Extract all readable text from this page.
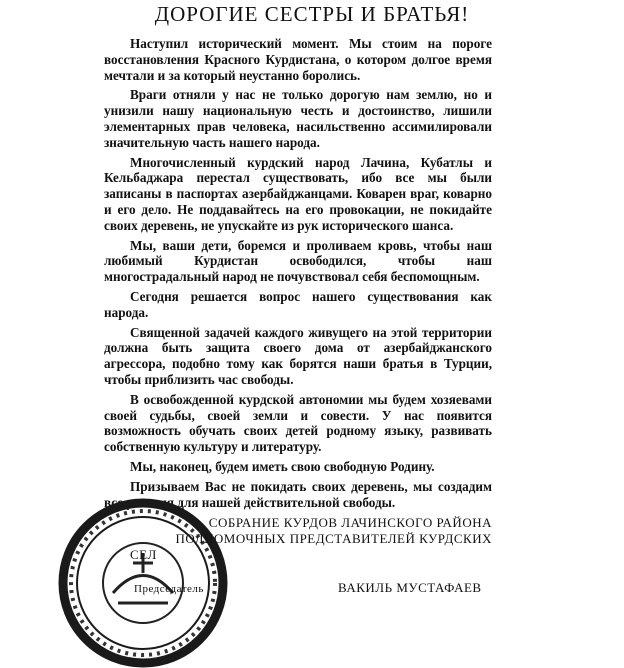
ДОРОГИЕ СЕСТРЫ И БРАТЬЯ!

Наступил исторический момент. Мы стоим на пороге восстановления Красного Курдистана, о котором долгое время мечтали и за который неустанно боролись.

Враги отняли у нас не только дорогую нам землю, но и унизили нашу национальную честь и достоинство, лишили элементарных прав человека, насильственно ассимилировали значительную часть нашего народа.

Многочисленный курдский народ Лачина, Кубатлы и Кельбаджара перестал существовать, ибо все мы были записаны в паспортах азербайджанцами. Коварен враг, коварно и его дело. Не поддавайтесь на его провокации, не покидайте своих деревень, не упускайте из рук исторического шанса.

Мы, ваши дети, боремся и проливаем кровь, чтобы наш любимый Курдистан освободился, чтобы наш многострадальный народ не почувствовал себя беспомощным.

Сегодня решается вопрос нашего существования как народа.

Священной задачей каждого живущего на этой территории должна быть защита своего дома от азербайджанского агрессора, подобно тому как борятся наши братья в Турции, чтобы приблизить час свободы.

В освобожденной курдской автономии мы будем хозяевами своей судьбы, своей земли и совести. У нас появится возможность обучать своих детей родному языку, развивать собственную культуру и литературу.

Мы, наконец, будем иметь свою свободную Родину.

Призываем Вас не покидать своих деревень, мы создадим все условия для нашей действительной свободы.

СОБРАНИЕ КУРДОВ ЛАЧИНСКОГО РАЙОНА
ПОЛНОМОЧНЫХ ПРЕДСТАВИТЕЛЕЙ КУРДСКИХ
СЕЛ
Председатель	ВАКИЛЬ МУСТАФАЕВ
